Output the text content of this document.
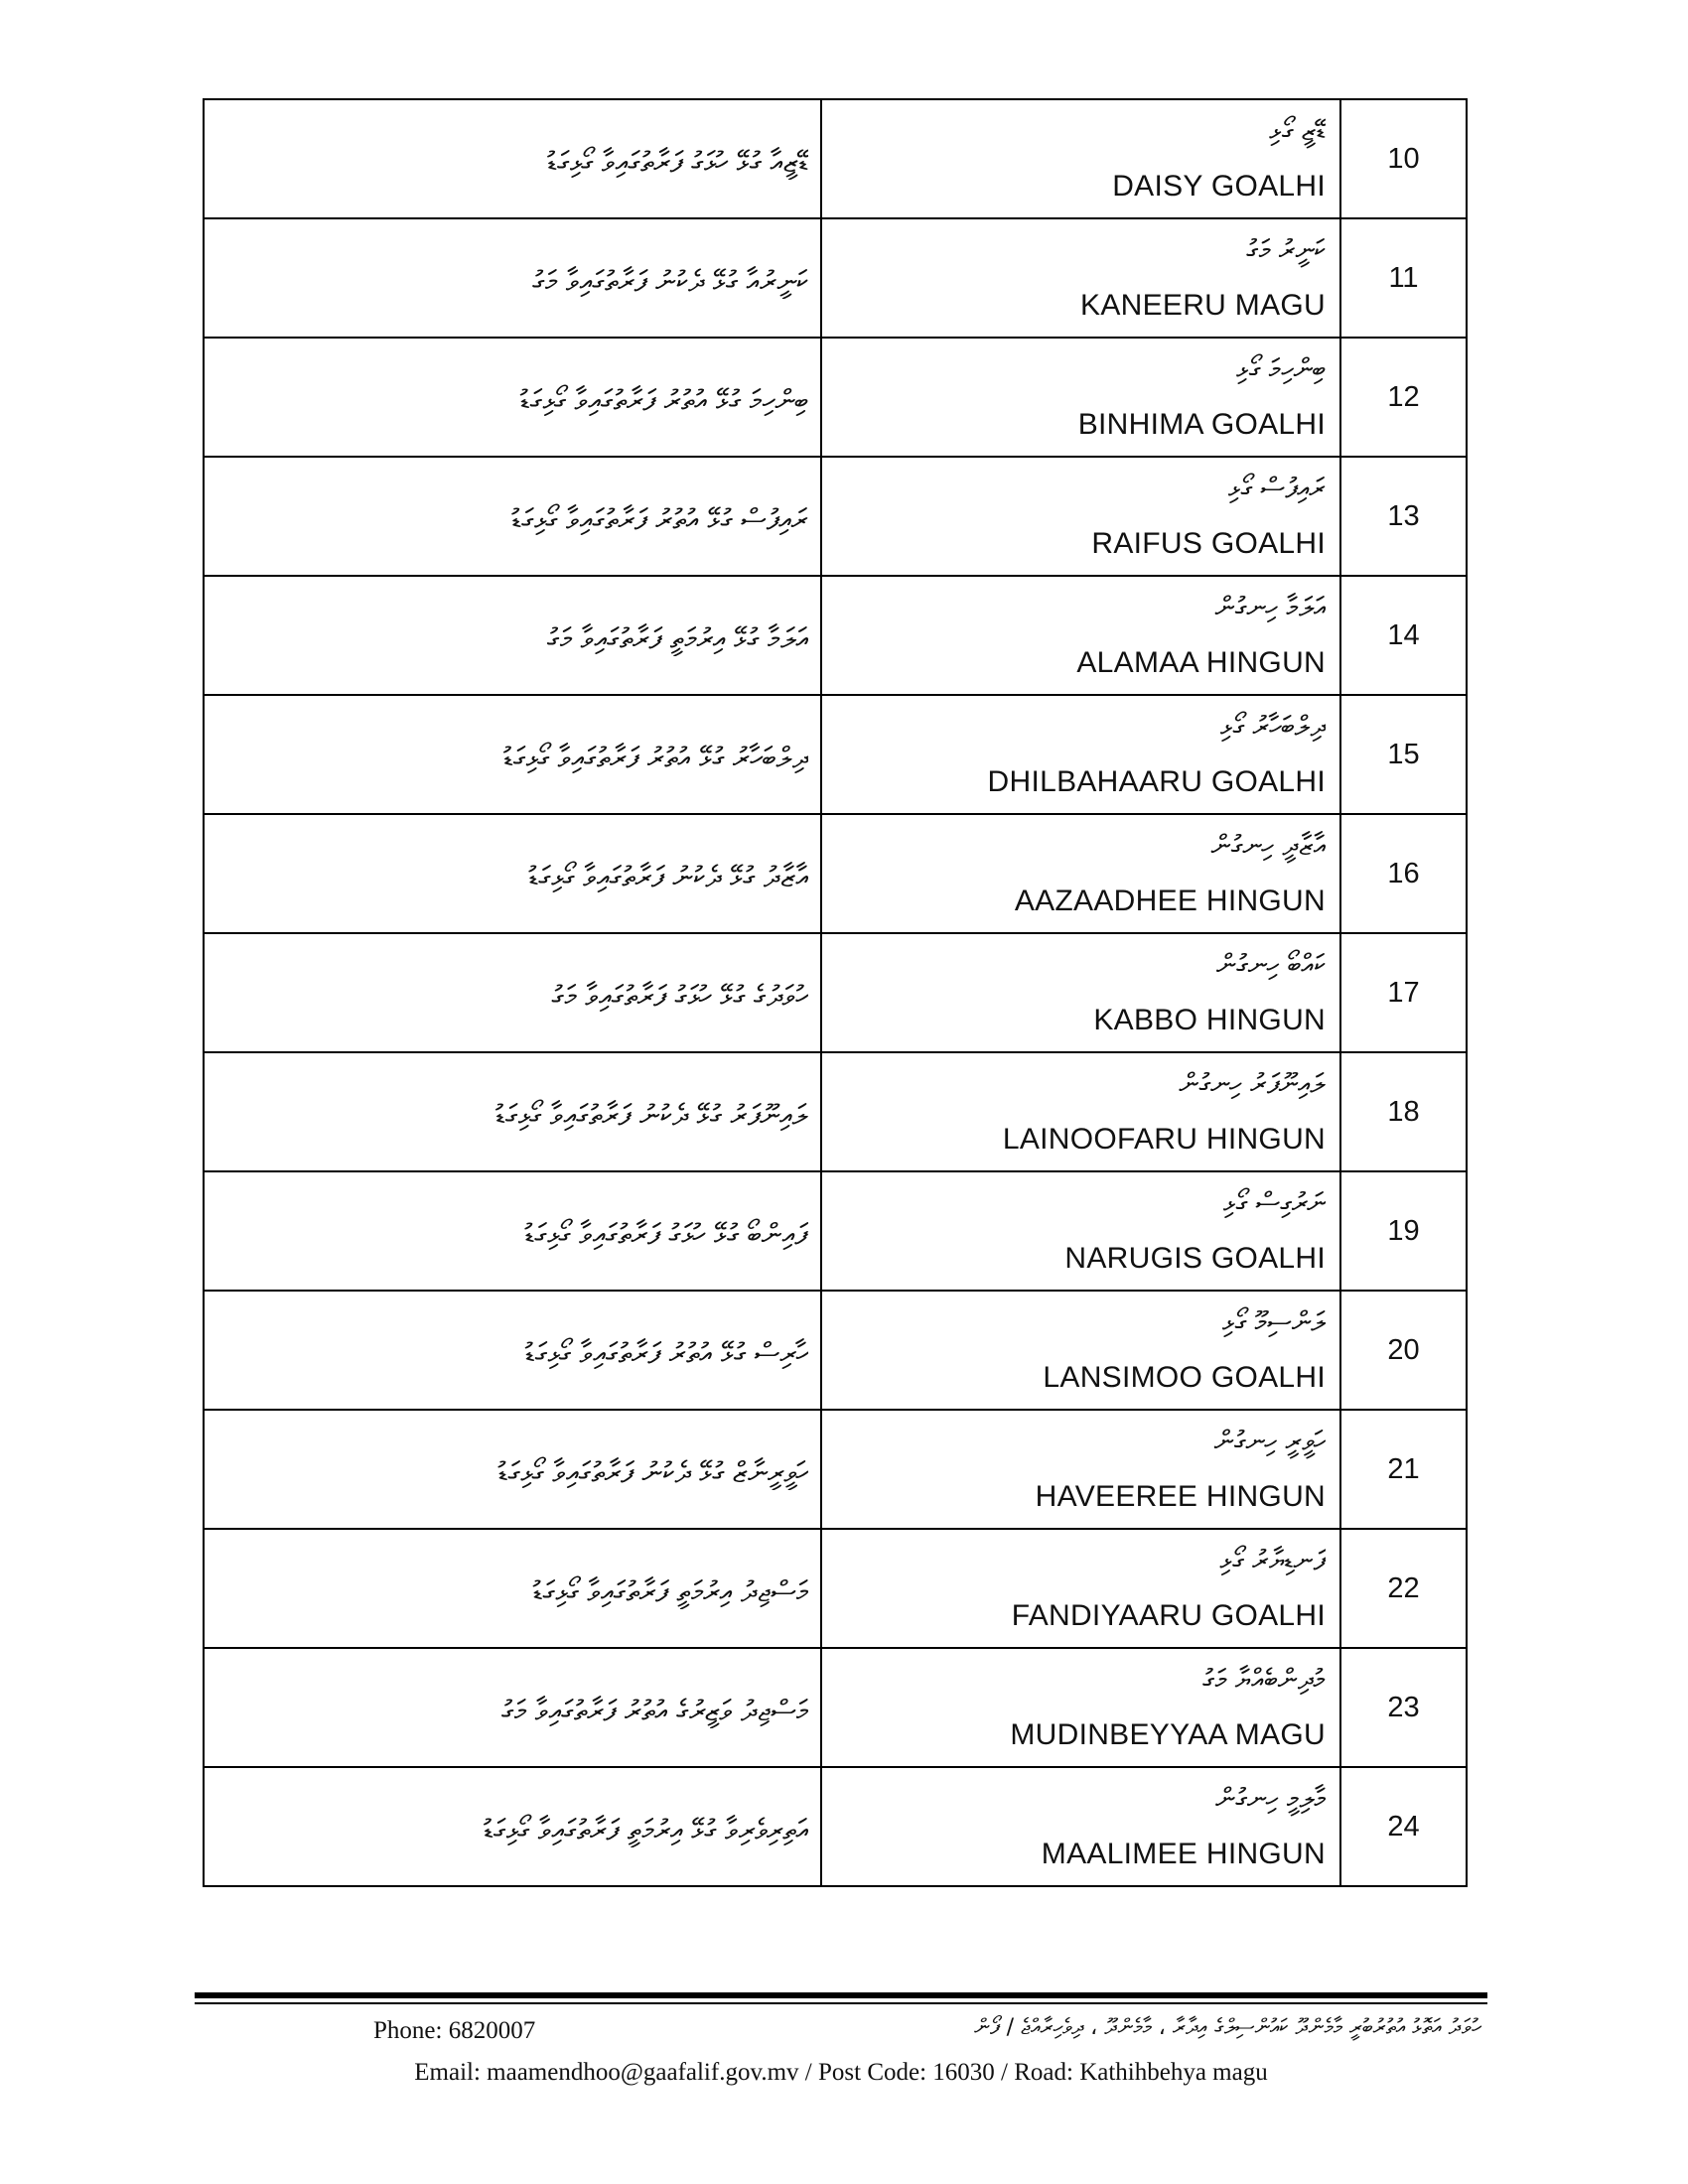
ޑޭޒީއާ ގުޅޭ ހުޅަގު ފަރާތުގައިވާ ގޯޅިގަޑު	ޑޭޒީ ގޯޅި
DAISY GOALHI	10

ކަނީރުއާ ގުޅޭ ދެކުނު ފަރާތުގައިވާ މަގު	ކަނީރު މަގު
KANEERU MAGU	11

ބިންހިމަ ގުޅޭ އުތުރު ފަރާތުގައިވާ ގޯޅިގަޑު	ބިންހިމަ ގޯޅި
BINHIMA GOALHI	12

ރައިފުސް ގުޅޭ އުތުރު ފަރާތުގައިވާ ގޯޅިގަޑު	ރައިފުސް ގޯޅި
RAIFUS GOALHI	13

އަލަމާ ގުޅޭ އިރުމަތީ ފަރާތުގައިވާ މަގު	އަލަމާ ހިނގުން
ALAMAA HINGUN	14

ދިލްބަހާރު ގުޅޭ އުތުރު ފަރާތުގައިވާ ގޯޅިގަޑު	ދިލްބަހާރު ގޯޅި
DHILBAHAARU GOALHI	15

އާޒާދު ގުޅޭ ދެކުނު ފަރާތުގައިވާ ގޯޅިގަޑު	އާޒާދީ ހިނގުން
AAZAADHEE HINGUN	16

ހުވަދުގެ ގުޅޭ ހުޅަގު ފަރާތުގައިވާ މަގު	ކައްބޯ ހިނގުން
KABBO HINGUN	17

ލައިނޫފަރު ގުޅޭ ދެކުނު ފަރާތުގައިވާ ގޯޅިގަޑު	ލައިނޫފަރު ހިނގުން
LAINOOFARU HINGUN	18

ފައިންބޯ ގުޅޭ ހުޅަގު ފަރާތުގައިވާ ގޯޅިގަޑު	ނަރުގިސް ގޯޅި
NARUGIS GOALHI	19

ހާރިސް ގުޅޭ އުތުރު ފަރާތުގައިވާ ގޯޅިގަޑު	ލަންސިމޫ ގޯޅި
LANSIMOO GOALHI	20

ހަވީރީނާޒް ގުޅޭ ދެކުނު ފަރާތުގައިވާ ގޯޅިގަޑު	ހަވީރީ ހިނގުން
HAVEEREE HINGUN	21

މަސްޖިދު އިރުމަތީ ފަރާތުގައިވާ ގޯޅިގަޑު	ފަނޑިޔާރު ގޯޅި
FANDIYAARU GOALHI	22

މަސްޖިދު ވަޒީރުގެ އުތުރު ފަރާތުގައިވާ މަގު	މުދިންބެއްޔާ މަގު
MUDINBEYYAA MAGU	23

އަތިރިވެރިވާ ގުޅޭ އިރުމަތީ ފަރާތުގައިވާ ގޯޅިގަޑު	މާލިމީ ހިނގުން
MAALIMEE HINGUN	24
Phone: 6820007	ހުވަދު އަތޮޅު އުތުރުބުރީ މާމެންދޫ ކައުންސިލްގެ އިދާރާ ، މާމެންދޫ ، ދިވެހިރާއްޖެ / ފޯން
Email: maamendhoo@gaafalif.gov.mv / Post Code: 16030 / Road: Kathihbehya magu
